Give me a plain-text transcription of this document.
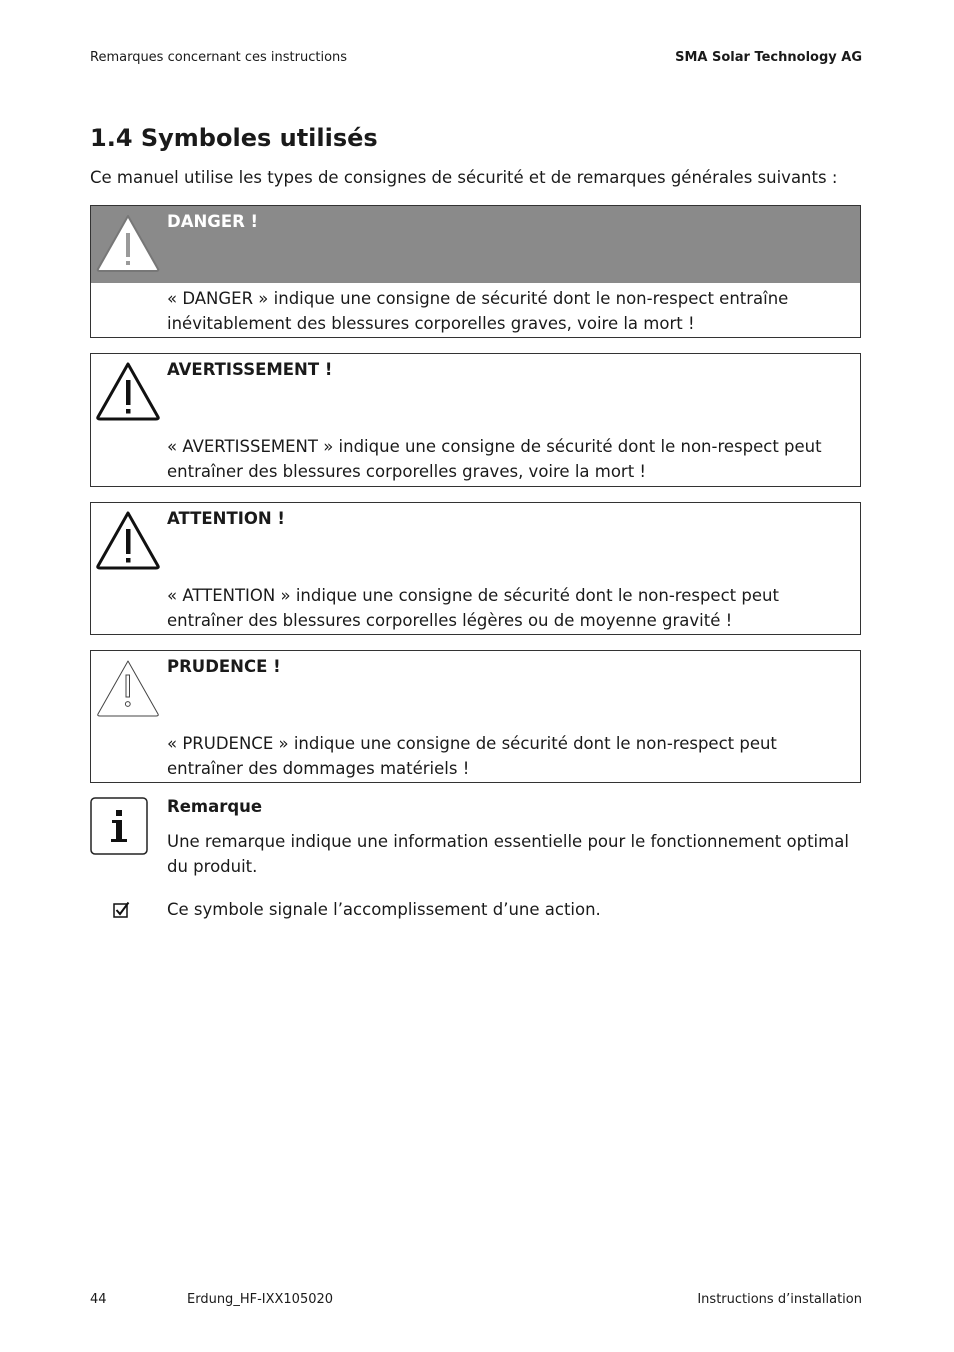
Remarques concernant ces instructions	SMA Solar Technology AG
1.4 Symboles utilisés
Ce manuel utilise les types de consignes de sécurité et de remarques générales suivants :
DANGER !
« DANGER » indique une consigne de sécurité dont le non-respect entraîne inévitablement des blessures corporelles graves, voire la mort !
AVERTISSEMENT !
« AVERTISSEMENT » indique une consigne de sécurité dont le non-respect peut entraîner des blessures corporelles graves, voire la mort !
ATTENTION !
« ATTENTION » indique une consigne de sécurité dont le non-respect peut entraîner des blessures corporelles légères ou de moyenne gravité !
PRUDENCE !
« PRUDENCE » indique une consigne de sécurité dont le non-respect peut entraîner des dommages matériels !
Remarque
Une remarque indique une information essentielle pour le fonctionnement optimal du produit.
Ce symbole signale l’accomplissement d’une action.
44	Erdung_HF-IXX105020	Instructions d’installation
